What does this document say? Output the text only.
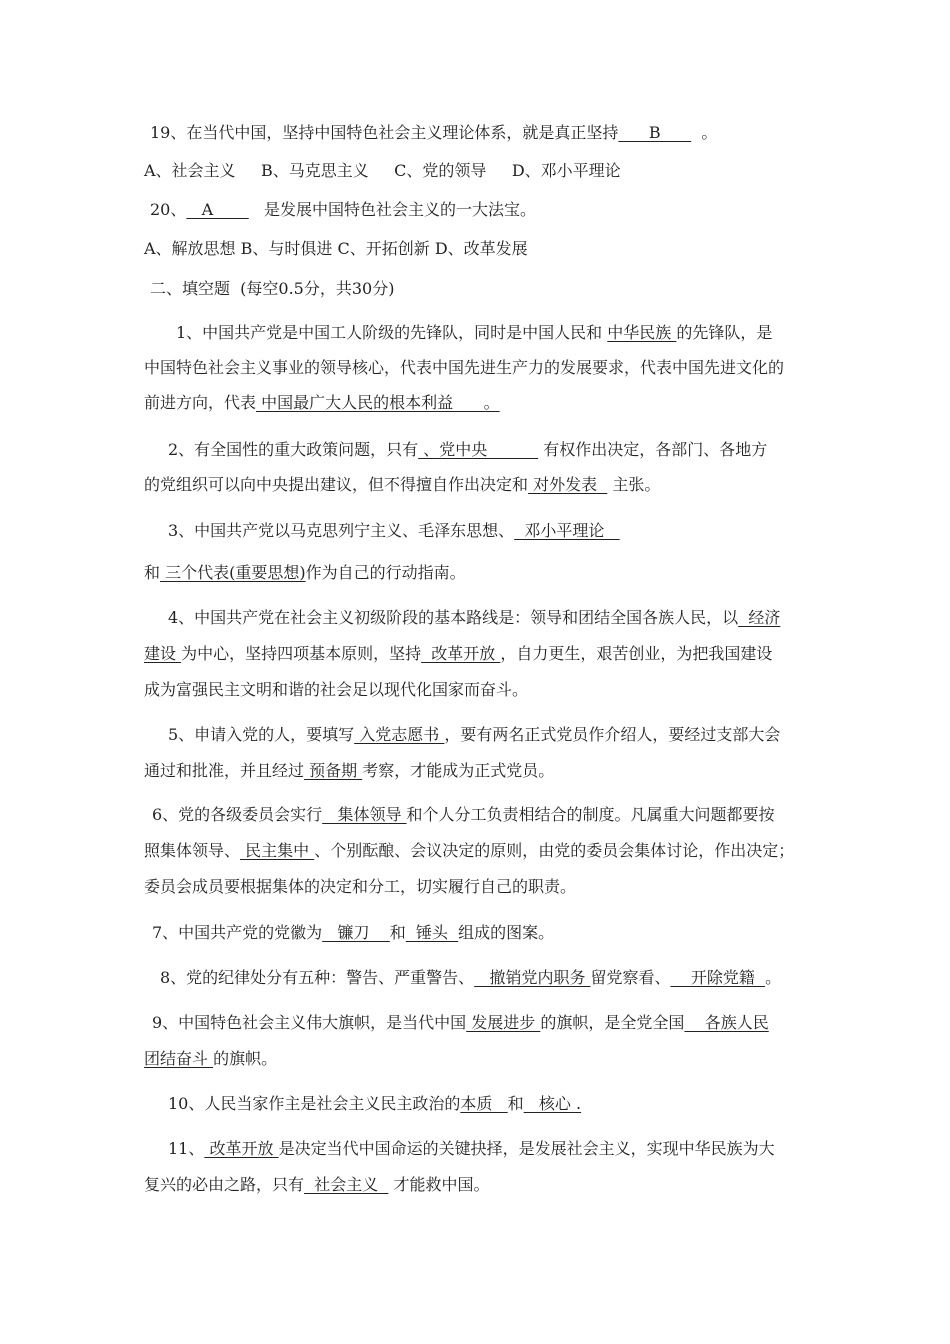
19、在当代中国，坚持中国特色社会主义理论体系，就是真正坚持      B        。
A、社会主义     B、马克思主义     C、党的领导     D、邓小平理论
20、   A          是发展中国特色社会主义的一大法宝。
A、解放思想 B、与时俱进 C、开拓创新 D、改革发展
二、填空题  (每空0.5分，共30分)
1、中国共产党是中国工人阶级的先锋队，同时是中国人民和 中华民族 的先锋队，是
中国特色社会主义事业的领导核心，代表中国先进生产力的发展要求，代表中国先进文化的
前进方向，代表 中国最广大人民的根本利益      。
2、有全国性的重大政策问题，只有 、党中央           有权作出决定，各部门、各地方
的党组织可以向中央提出建议，但不得擅自作出决定和 对外发表   主张。
3、中国共产党以马克思列宁主义、毛泽东思想、  邓小平理论
和 三个代表(重要思想)作为自己的行动指南。
4、中国共产党在社会主义初级阶段的基本路线是：领导和团结全国各族人民，以  经济
建设 为中心，坚持四项基本原则，坚持  改革开放 ，自力更生，艰苦创业，为把我国建设
成为富强民主文明和谐的社会足以现代化国家而奋斗。
5、申请入党的人，要填写 入党志愿书 ，要有两名正式党员作介绍人，要经过支部大会
通过和批准，并且经过 预备期 考察，才能成为正式党员。
6、党的各级委员会实行   集体领导 和个人分工负责相结合的制度。凡属重大问题都要按
照集体领导、 民主集中 、个别酝酿、会议决定的原则，由党的委员会集体讨论，作出决定；
委员会成员要根据集体的决定和分工，切实履行自己的职责。
7、中国共产党的党徽为   镰刀    和  锤头  组成的图案。
8、党的纪律处分有五种：警告、严重警告、   撤销党内职务 留党察看、    开除党籍  。
9、中国特色社会主义伟大旗帜，是当代中国 发展进步 的旗帜，是全党全国    各族人民
团结奋斗 的旗帜。
10、人民当家作主是社会主义民主政治的本质   和   核心 .
11、 改革开放 是决定当代中国命运的关键抉择，是发展社会主义，实现中华民族为大
复兴的必由之路，只有  社会主义   才能救中国。
